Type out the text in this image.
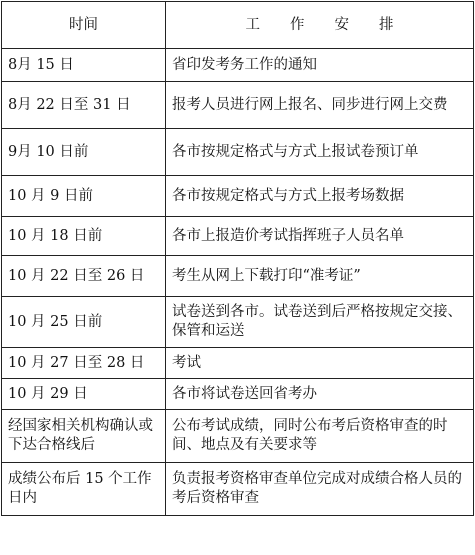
时间	工 作 安 排
8月 15 日	省印发考务工作的通知
8月 22 日至 31 日	报考人员进行网上报名、同步进行网上交费
9月 10 日前	各市按规定格式与方式上报试卷预订单
10 月 9 日前	各市按规定格式与方式上报考场数据
10 月 18 日前	各市上报造价考试指挥班子人员名单
10 月 22 日至 26 日	考生从网上下载打印“准考证”
10 月 25 日前	试卷送到各市。试卷送到后严格按规定交接、保管和运送
10 月 27 日至 28 日	考试
10 月 29 日	各市将试卷送回省考办
经国家相关机构确认或下达合格线后	公布考试成绩，同时公布考后资格审查的时间、地点及有关要求等
成绩公布后 15 个工作日内	负责报考资格审查单位完成对成绩合格人员的考后资格审查
